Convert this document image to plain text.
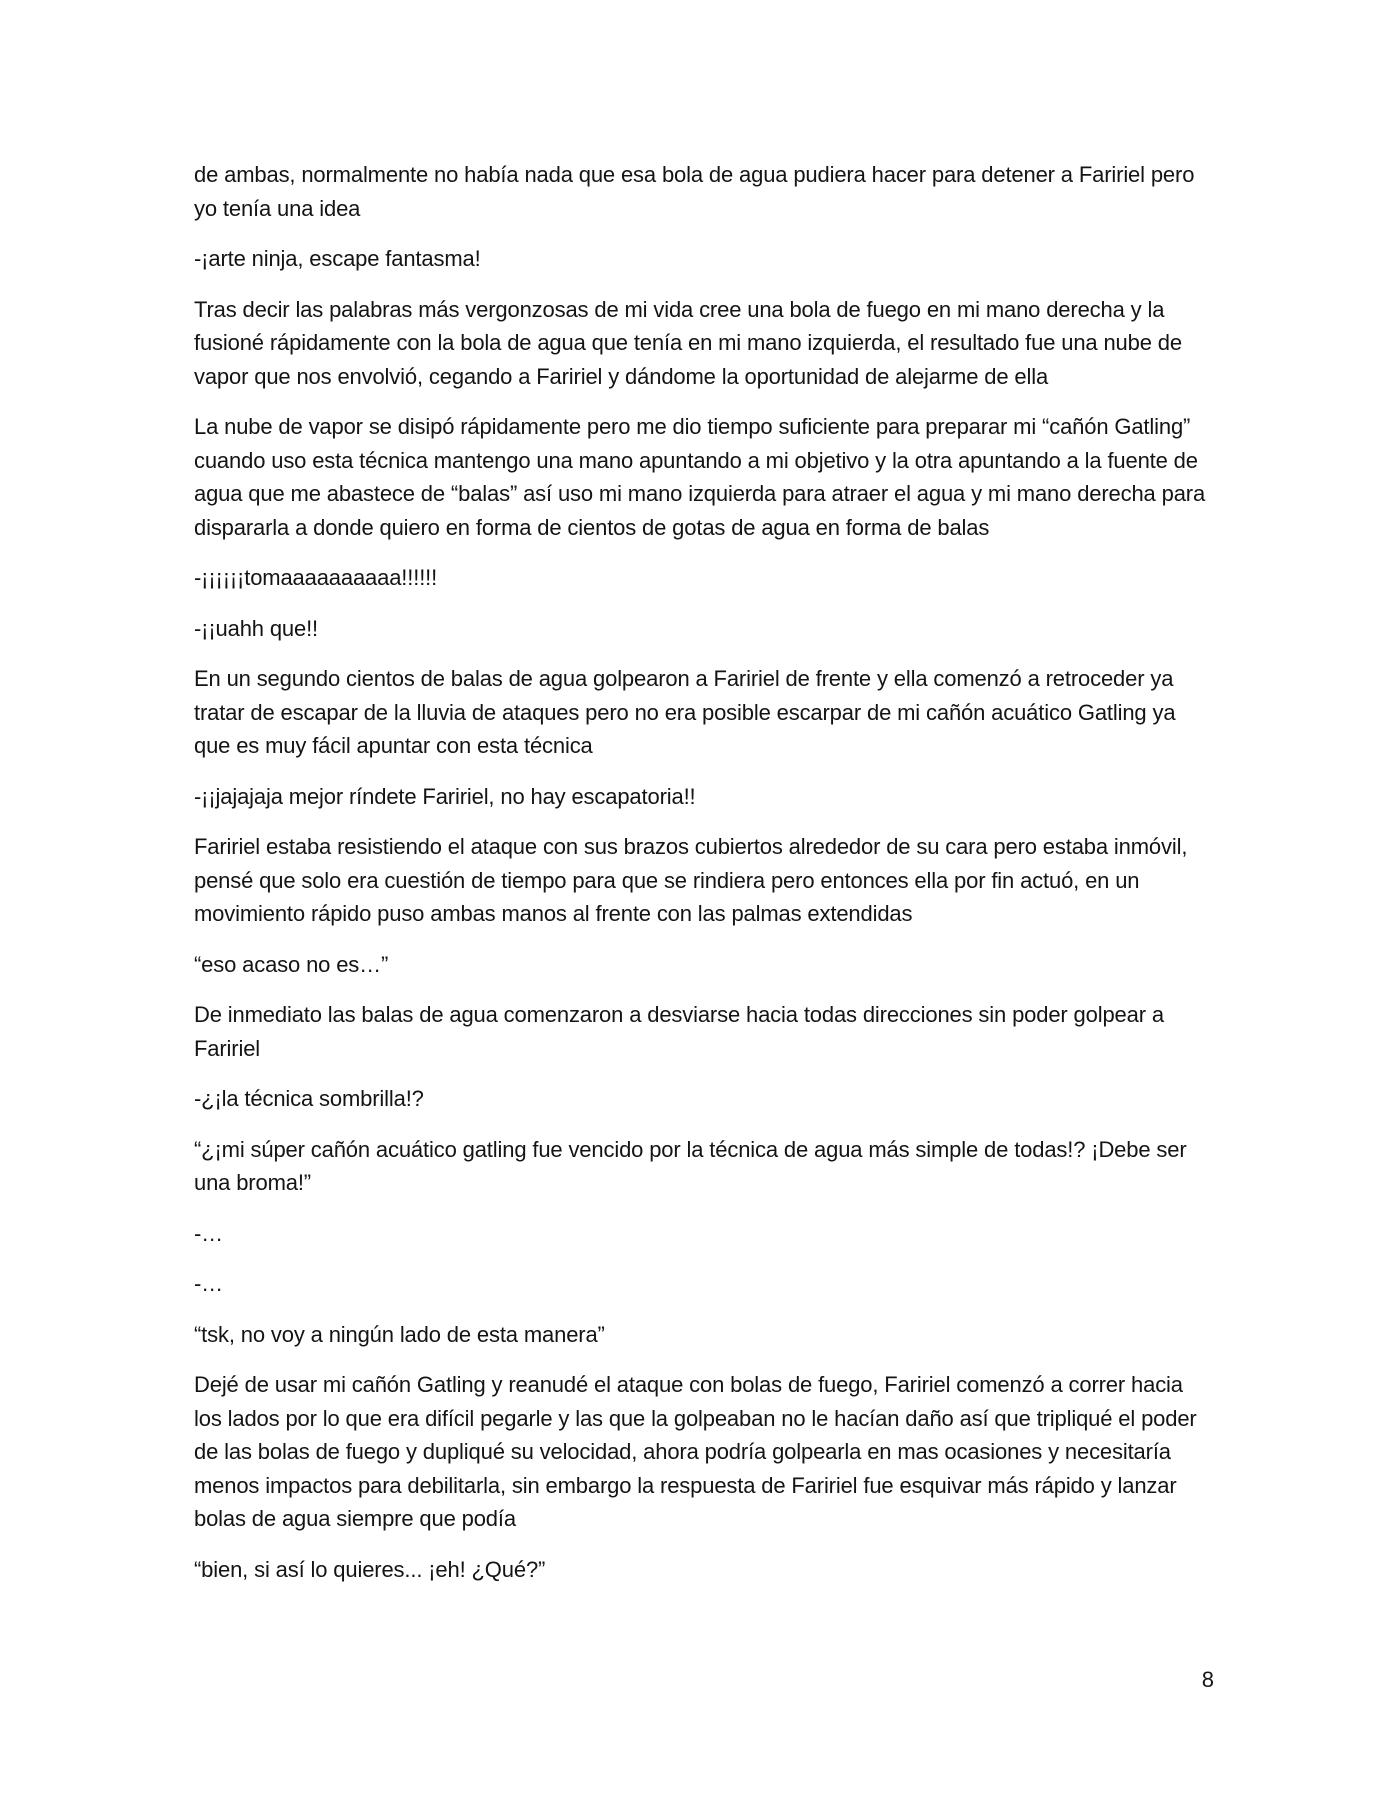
de ambas, normalmente no había nada que esa bola de agua pudiera hacer para detener a Faririel pero yo tenía una idea

-¡arte ninja, escape fantasma!

Tras decir las palabras más vergonzosas de mi vida cree una bola de fuego en mi mano derecha y la fusioné rápidamente con la bola de agua que tenía en mi mano izquierda, el resultado fue una nube de vapor que nos envolvió, cegando a Faririel y dándome la oportunidad de alejarme de ella

La nube de vapor se disipó rápidamente pero me dio tiempo suficiente para preparar mi “cañón Gatling” cuando uso esta técnica mantengo una mano apuntando a mi objetivo y la otra apuntando a la fuente de agua que me abastece de “balas” así uso mi mano izquierda para atraer el agua y mi mano derecha para dispararla a donde quiero en forma de cientos de gotas de agua en forma de balas

-¡¡¡¡¡¡tomaaaaaaaaaa!!!!!!

-¡¡uahh que!!

En un segundo cientos de balas de agua golpearon a Faririel de frente y ella comenzó a retroceder ya tratar de escapar de la lluvia de ataques pero no era posible escarpar de mi cañón acuático Gatling ya que es muy fácil apuntar con esta técnica

-¡¡jajajaja mejor ríndete Faririel, no hay escapatoria!!

Faririel estaba resistiendo el ataque con sus brazos cubiertos alrededor de su cara pero estaba inmóvil, pensé que solo era cuestión de tiempo para que se rindiera pero entonces ella por fin actuó, en un movimiento rápido puso ambas manos al frente con las palmas extendidas

“eso acaso no es…”

De inmediato las balas de agua comenzaron a desviarse hacia todas direcciones sin poder golpear a Faririel

-¿¡la técnica sombrilla!?

“¿¡mi súper cañón acuático gatling fue vencido por la técnica de agua más simple de todas!? ¡Debe ser una broma!”

-…

-…

“tsk, no voy a ningún lado de esta manera”

Dejé de usar mi cañón Gatling y reanudé el ataque con bolas de fuego, Faririel comenzó a correr hacia los lados por lo que era difícil pegarle y las que la golpeaban no le hacían daño así que tripliqué el poder de las bolas de fuego y dupliqué su velocidad, ahora podría golpearla en mas ocasiones y necesitaría menos impactos para debilitarla, sin embargo la respuesta de Faririel fue esquivar más rápido y lanzar bolas de agua siempre que podía

“bien, si así lo quieres... ¡eh! ¿Qué?”

8
